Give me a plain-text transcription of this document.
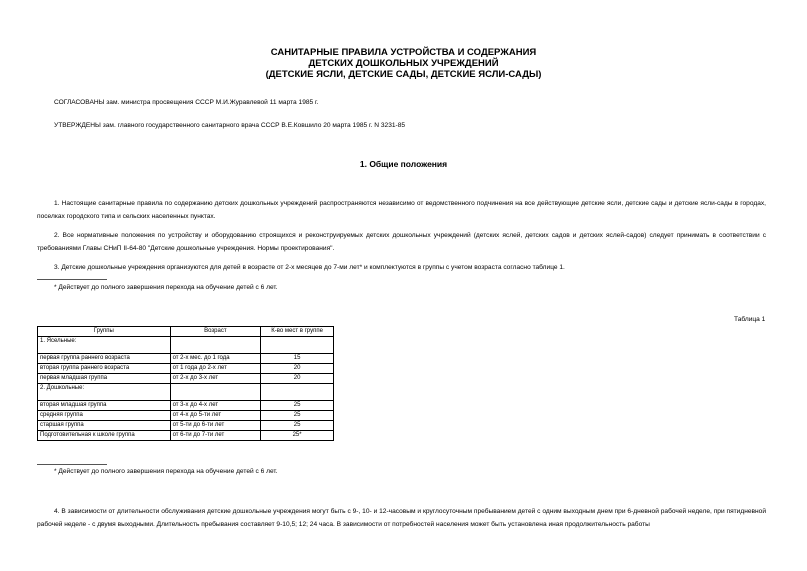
САНИТАРНЫЕ ПРАВИЛА УСТРОЙСТВА И СОДЕРЖАНИЯ
ДЕТСКИХ ДОШКОЛЬНЫХ УЧРЕЖДЕНИЙ
(ДЕТСКИЕ ЯСЛИ, ДЕТСКИЕ САДЫ, ДЕТСКИЕ ЯСЛИ-САДЫ)
СОГЛАСОВАНЫ зам. министра просвещения СССР М.И.Журавлевой 11 марта 1985 г.
УТВЕРЖДЕНЫ зам. главного государственного санитарного врача СССР В.Е.Ковшило 20 марта 1985 г. N 3231-85
1. Общие положения
1. Настоящие санитарные правила по содержанию детских дошкольных учреждений распространяются независимо от ведомственного подчинения на все действующие детские ясли, детские сады и детские ясли-сады в городах, поселках городского типа и сельских населенных пунктах.
2. Все нормативные положения по устройству и оборудованию строящихся и реконструируемых детских дошкольных учреждений (детских яслей, детских садов и детских яслей-садов) следует принимать в соответствии с требованиями Главы СНиП II-64-80 "Детские дошкольные учреждения. Нормы проектирования".
3. Детские дошкольные учреждения организуются для детей в возрасте от 2-х месяцев до 7-ми лет* и комплектуются в группы с учетом возраста согласно таблице 1.
* Действует до полного завершения перехода на обучение детей с 6 лет.
Таблица 1
Группы	Возраст	К-во мест в группе
1. Ясельные:		
первая группа раннего возраста	от 2-х мес. до 1 года	15
вторая группа раннего возраста	от 1 года до 2-х лет	20
первая младшая группа	от 2-х до 3-х лет	20
2. Дошкольные:		
вторая младшая группа	от 3-х до 4-х лет	25
средняя группа	от 4-х до 5-ти лет	25
старшая группа	от 5-ти до 6-ти лет	25
Подготовительная к школе группа	от 6-ти до 7-ти лет	25*
* Действует до полного завершения перехода на обучение детей с 6 лет.
4. В зависимости от длительности обслуживания детские дошкольные учреждения могут быть с 9-, 10- и 12-часовым и круглосуточным пребыванием детей с одним выходным днем при 6-дневной рабочей неделе, при пятидневной рабочей неделе - с двумя выходными. Длительность пребывания составляет 9-10,5; 12; 24 часа. В зависимости от потребностей населения может быть установлена иная продолжительность работы
